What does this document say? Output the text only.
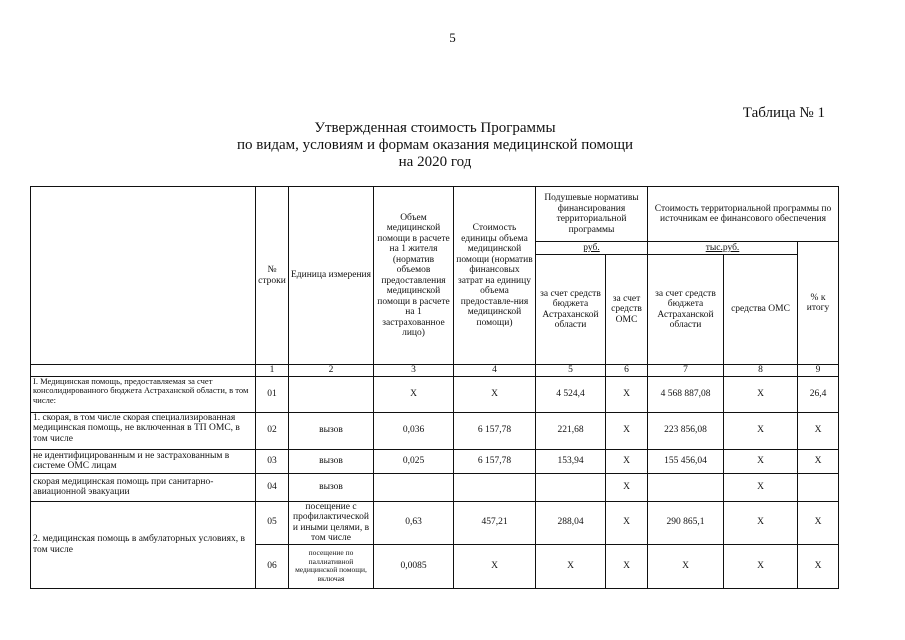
5
Таблица № 1
Утвержденная стоимость Программы
по видам, условиям и формам оказания медицинской помощи
на 2020 год
	№ строки	Единица измерения	Объем медицинской помощи в расчете на 1 жителя (норматив объемов предоставления медицинской помощи в расчете на 1 застрахованное лицо)	Стоимость единицы объема медицинской помощи (норматив финансовых затрат на единицу объема предоставле-ния медицинской помощи)	Подушевые нормативы финансирования территориальной программы		Стоимость территориальной программы по источникам ее финансового обеспечения		
					руб.		тыс.руб.		% к итогу
					за счет средств бюджета Астраханской области	за счет средств ОМС	за счет средств бюджета Астраханской области	средства ОМС	
	1	2	3	4	5	6	7	8	9
I. Медицинская помощь, предоставляемая за счет консолидированного бюджета Астраханской области, в том числе:	01		X	X	4 524,4	X	4 568 887,08	X	26,4
1. скорая, в том числе скорая специализированная медицинская помощь, не включенная в ТП ОМС, в том числе	02	вызов	0,036	6 157,78	221,68	X	223 856,08	X	X
не идентифицированным и не застрахованным в системе ОМС лицам	03	вызов	0,025	6 157,78	153,94	X	155 456,04	X	X
скорая медицинская помощь при санитарно-авиационной эвакуации	04	вызов				X		X	
2. медицинская помощь в амбулаторных условиях, в том числе	05	посещение с профилактической и иными целями, в том числе	0,63	457,21	288,04	X	290 865,1	X	X
	06	посещение по паллиативной медицинской помощи, включая	0,0085	X	X	X	X	X	X
